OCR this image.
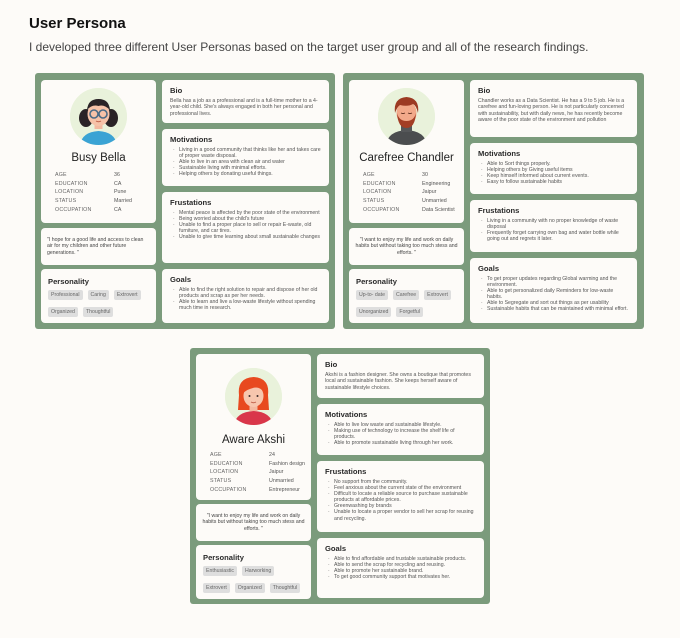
User Persona
I developed three different User Personas based on the target user group and all of the research findings.
Busy Bella
AGE	36
EDUCATION	CA
LOCATION	Pune
STATUS	Married
OCCUPATION	CA
"I hope for a good life and access to clean air for my children and other future generations. "
Personality
Professional	Caring	Extrovert
Organized	Thoughtful
Bio
Bella has a job as a professional and is a full-time mother to a 4-year-old child. She's always engaged in both her personal and professional lives.
Motivations
· Living in a good community that thinks like her and takes care of proper waste disposal.
· Able to live in an area with clean air and water
· Sustainable living with minimal efforts.
· Helping others by donating useful things.
Frustations
· Mental peace is affected by the poor state of the environment
· Being worried about the child's future
· Unable to find a proper place to sell or repair E-waste, old furniture, and car tires.
· Unable to give time learning about small sustainable changes
Goals
· Able to find the right solution to repair and dispose of her old products and scrap as per her needs.
· Able to learn and live a low-waste lifestyle without spending much time in research.
Carefree Chandler
AGE	30
EDUCATION	Engineering
LOCATION	Jaipur
STATUS	Unmarried
OCCUPATION	Data Scientist
"I want to enjoy my life and work on daily habits but without taking too much stess and efforts. "
Personality
Up-to- date	Carefree	Extrovert
Unorganized	Forgetful
Bio
Chandler works as a Data Scientist. He has a 9 to 5 job. He is a carefree and fun-loving person. He is not particularly concerned with sustainability, but with daily news, he has recently become aware of the poor state of the environment and pollution
Motivations
· Able to Sort things properly.
· Helping others by Giving useful items
· Keep himself informed about current events.
· Easy to follow sustainable habits
Frustations
· Living in a community with no proper knowledge of waste disposal
· Frequently forget carrying own bag and water bottle while going out and regrets it later.
Goals
· To get proper updates regarding Global warming and the environment.
· Able to get personalized daily Reminders for low-waste habits.
· Able to Segregate and sort out things as per usability
· Sustainable habits that can be maintained with minimal effort.
Aware Akshi
AGE	24
EDUCATION	Fashion design
LOCATION	Jaipur
STATUS	Unmarried
OCCUPATION	Entrepreneur
"I want to enjoy my life and work on daily habits but without taking too much stess and efforts. "
Personality
Enthusiastic	Harworking
Extrovert	Organized	Thoughtful
Bio
Akshi is a fashion designer. She owns a boutique that promotes local and sustainable fashion. She keeps herself aware of sustainable lifestyle choices.
Motivations
· Able to live low waste and sustainable lifestyle.
· Making use of technology to increase the shelf life of products.
· Able to promote sustainable living through her work.
Frustations
· No support from the community.
· Feel anxious about the current state of the environment
· Difficult to locate a reliable source to purchase sustainable products at affordable prices.
· Greenwashing by brands
· Unable to locate a proper vendor to sell her scrap for reusing and recycling.
Goals
· Able to find affordable and trustable sustainable products.
· Able to send the scrap for recycling and reusing.
· Able to promote her sustainable brand.
· To get good community support that motivates her.
